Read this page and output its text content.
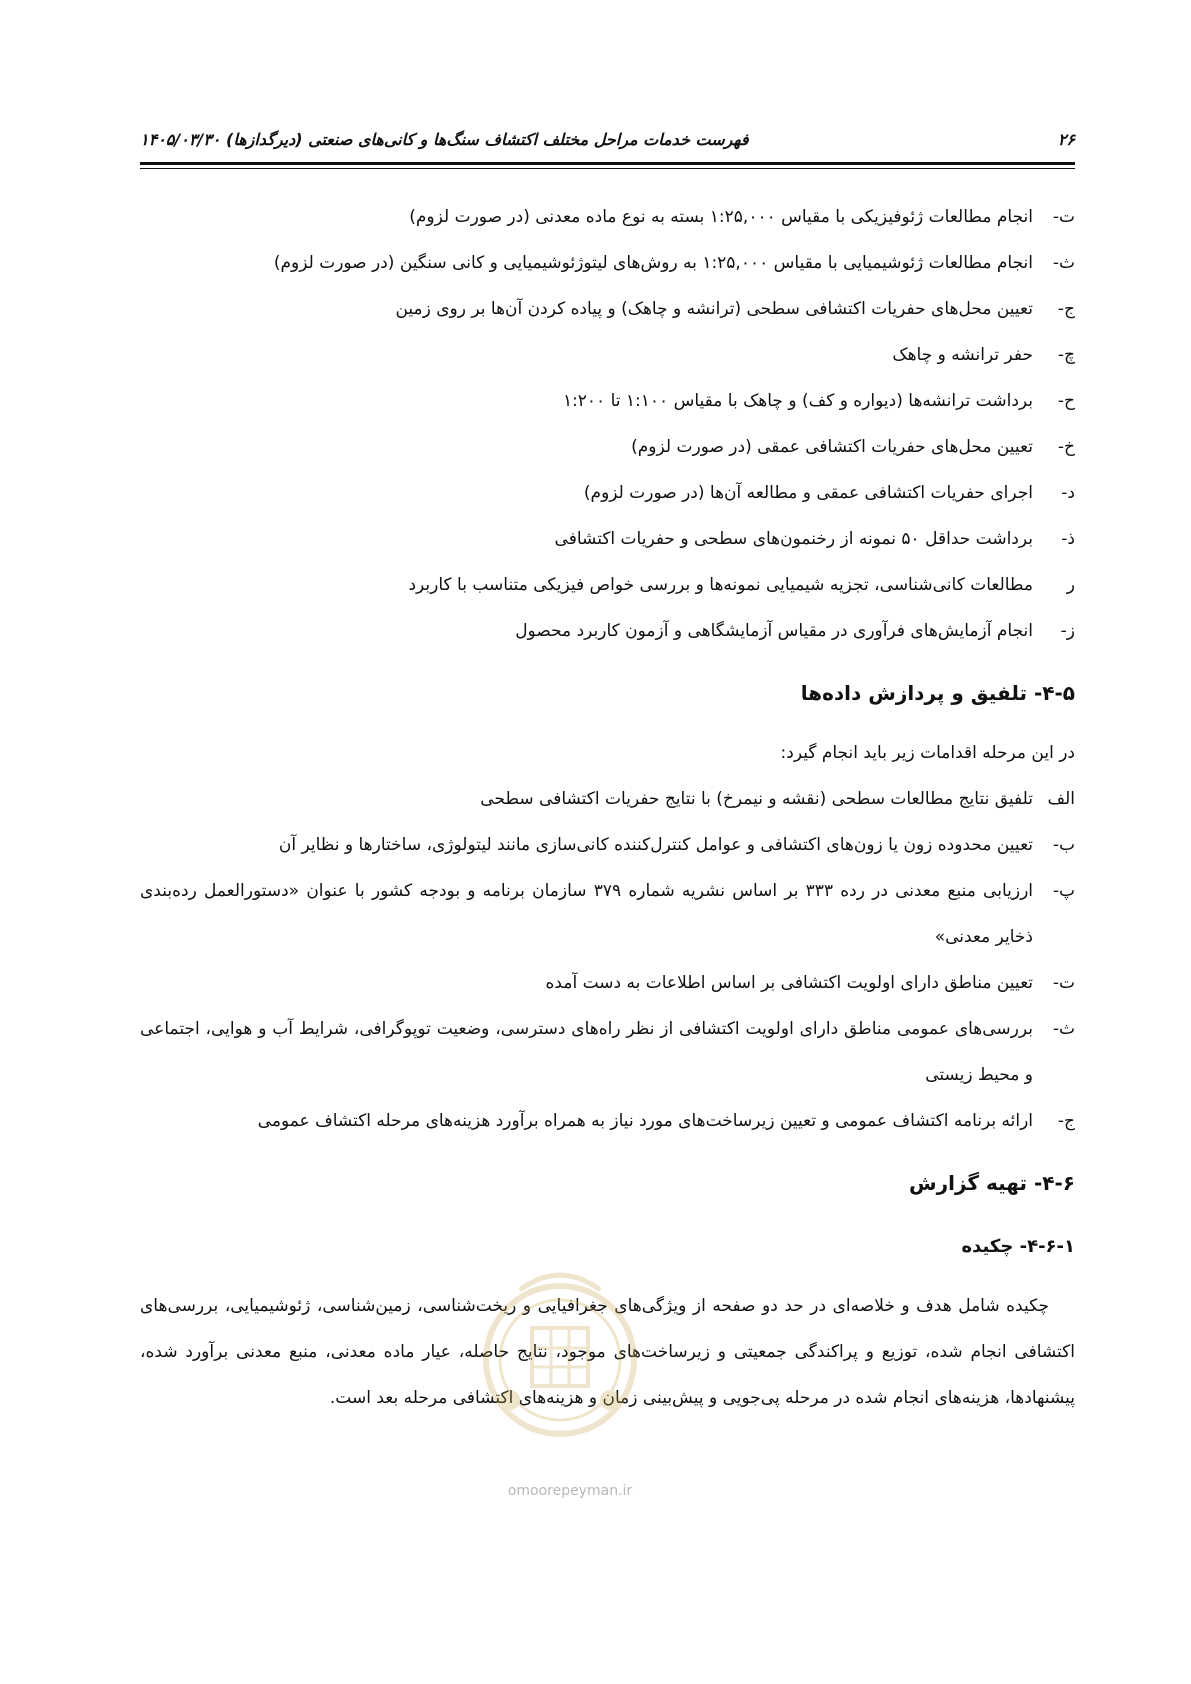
۲۶
فهرست خدمات مراحل مختلف اکتشاف سنگ‌ها و کانی‌های صنعتی (دیرگدازها) ۱۴۰۵/۰۳/۳۰
ت-
انجام مطالعات ژئوفیزیکی با مقیاس ۱:۲۵,۰۰۰ بسته به نوع ماده معدنی (در صورت لزوم)
ث-
انجام مطالعات ژئوشیمیایی با مقیاس ۱:۲۵,۰۰۰ به روش‌های لیتوژئوشیمیایی و کانی سنگین (در صورت لزوم)
ج-
تعیین محل‌های حفریات اکتشافی سطحی (ترانشه و چاهک) و پیاده کردن آن‌ها بر روی زمین
چ-
حفر ترانشه و چاهک
ح-
برداشت ترانشه‌ها (دیواره و کف) و چاهک با مقیاس ۱:۱۰۰ تا ۱:۲۰۰
خ-
تعیین محل‌های حفریات اکتشافی عمقی (در صورت لزوم)
د-
اجرای حفریات اکتشافی عمقی و مطالعه آن‌ها (در صورت لزوم)
ذ-
برداشت حداقل ۵۰ نمونه از رخنمون‌های سطحی و حفریات اکتشافی
ر
مطالعات کانی‌شناسی، تجزیه شیمیایی نمونه‌ها و بررسی خواص فیزیکی متناسب با کاربرد
ز-
انجام آزمایش‌های فرآوری در مقیاس آزمایشگاهی و آزمون کاربرد محصول
۴-۵- تلفیق و پردازش داده‌ها
در این مرحله اقدامات زیر باید انجام گیرد:
الف
تلفیق نتایج مطالعات سطحی (نقشه و نیمرخ) با نتایج حفریات اکتشافی سطحی
ب-
تعیین محدوده زون یا زون‌های اکتشافی و عوامل کنترل‌کننده کانی‌سازی مانند لیتولوژی، ساختارها و نظایر آن
پ-
ارزیابی منبع معدنی در رده ۳۳۳ بر اساس نشریه شماره ۳۷۹ سازمان برنامه و بودجه کشور با عنوان «دستورالعمل رده‌بندی ذخایر معدنی»
ت-
تعیین مناطق دارای اولویت اکتشافی بر اساس اطلاعات به دست آمده
ث-
بررسی‌های عمومی مناطق دارای اولویت اکتشافی از نظر راه‌های دسترسی، وضعیت توپوگرافی، شرایط آب و هوایی، اجتماعی و محیط زیستی
ج-
ارائه برنامه اکتشاف عمومی و تعیین زیرساخت‌های مورد نیاز به همراه برآورد هزینه‌های مرحله اکتشاف عمومی
۴-۶- تهیه گزارش
۴-۶-۱- چکیده
چکیده شامل هدف و خلاصه‌ای در حد دو صفحه از ویژگی‌های جغرافیایی و ریخت‌شناسی، زمین‌شناسی، ژئوشیمیایی، بررسی‌های اکتشافی انجام شده، توزیع و پراکندگی جمعیتی و زیرساخت‌های موجود، نتایج حاصله، عیار ماده معدنی، منبع معدنی برآورد شده، پیشنهادها، هزینه‌های انجام شده در مرحله پی‌جویی و پیش‌بینی زمان و هزینه‌های اکتشافی مرحله بعد است.
omoorepeyman.ir
